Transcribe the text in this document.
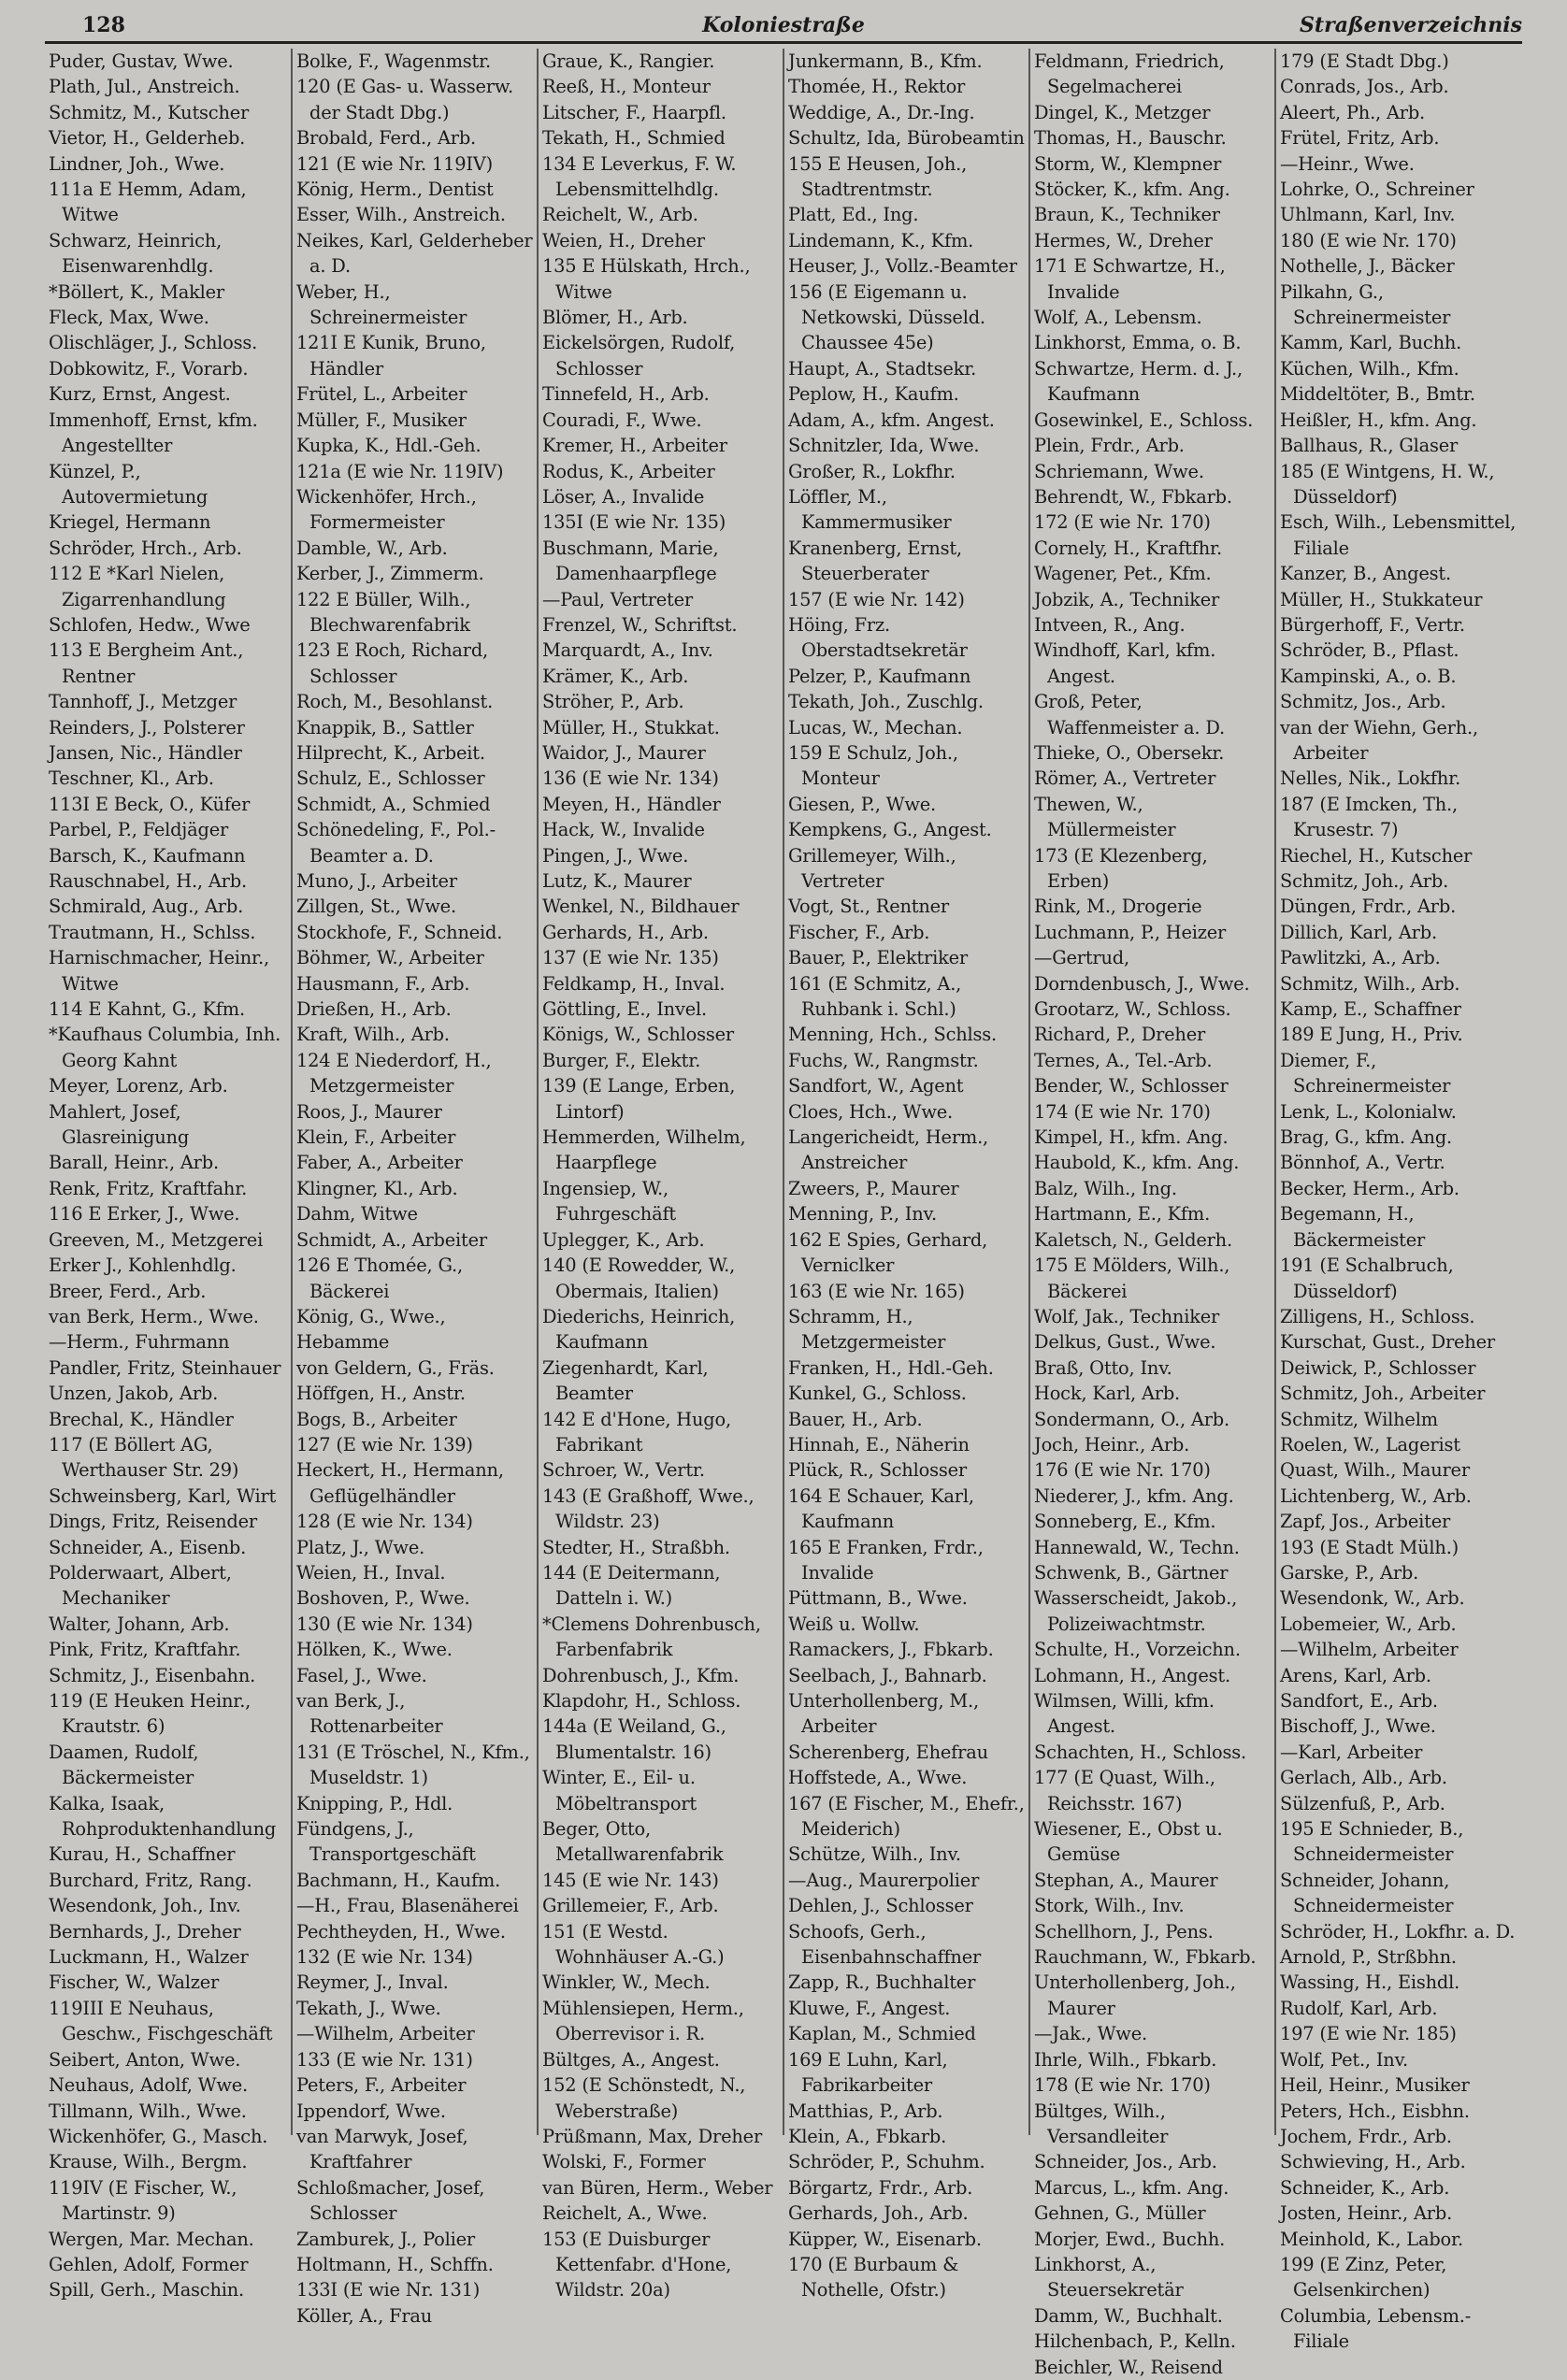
128	Koloniestraße	Straßenverzeichnis
Puder, Gustav, Wwe.
Plath, Jul., Anstreich.
Schmitz, M., Kutscher
Vietor, H., Gelderheb.
Lindner, Joh., Wwe.
111a E Hemm, Adam, Witwe
Schwarz, Heinrich, Eisenwarenhdlg.
*Böllert, K., Makler
Fleck, Max, Wwe.
Olischläger, J., Schloss.
Dobkowitz, F., Vorarb.
Kurz, Ernst, Angest.
Immenhoff, Ernst, kfm. Angestellter
Künzel, P., Autovermietung
Kriegel, Hermann
Schröder, Hrch., Arb.
112 E *Karl Nielen, Zigarrenhandlung
Schlofen, Hedw., Wwe
113 E Bergheim Ant., Rentner
Tannhoff, J., Metzger
Reinders, J., Polsterer
Jansen, Nic., Händler
Teschner, Kl., Arb.
113I E Beck, O., Küfer
Parbel, P., Feldjäger
Barsch, K., Kaufmann
Rauschnabel, H., Arb.
Schmirald, Aug., Arb.
Trautmann, H., Schlss.
Harnischmacher, Heinr., Witwe
114 E Kahnt, G., Kfm.
*Kaufhaus Columbia, Inh. Georg Kahnt
Meyer, Lorenz, Arb.
Mahlert, Josef, Glasreinigung
Barall, Heinr., Arb.
Renk, Fritz, Kraftfahr.
116 E Erker, J., Wwe.
Greeven, M., Metzgerei
Erker J., Kohlenhdlg.
Breer, Ferd., Arb.
van Berk, Herm., Wwe.
—Herm., Fuhrmann
Pandler, Fritz, Steinhauer
Unzen, Jakob, Arb.
Brechal, K., Händler
117 (E Böllert AG, Werthauser Str. 29)
Schweinsberg, Karl, Wirt
Dings, Fritz, Reisender
Schneider, A., Eisenb.
Polderwaart, Albert, Mechaniker
Walter, Johann, Arb.
Pink, Fritz, Kraftfahr.
Schmitz, J., Eisenbahn.
119 (E Heuken Heinr., Krautstr. 6)
Daamen, Rudolf, Bäckermeister
Kalka, Isaak, Rohproduktenhandlung
Kurau, H., Schaffner
Burchard, Fritz, Rang.
Wesendonk, Joh., Inv.
Bernhards, J., Dreher
Luckmann, H., Walzer
Fischer, W., Walzer
119III E Neuhaus, Geschw., Fischgeschäft
Seibert, Anton, Wwe.
Neuhaus, Adolf, Wwe.
Tillmann, Wilh., Wwe.
Wickenhöfer, G., Masch.
Krause, Wilh., Bergm.
119IV (E Fischer, W., Martinstr. 9)
Wergen, Mar. Mechan.
Gehlen, Adolf, Former
Spill, Gerh., Maschin.
Bolke, F., Wagenmstr.
120 (E Gas- u. Wasserw. der Stadt Dbg.)
Brobald, Ferd., Arb.
121 (E wie Nr. 119IV)
König, Herm., Dentist
Esser, Wilh., Anstreich.
Neikes, Karl, Gelderheber a. D.
Weber, H., Schreinermeister
121I E Kunik, Bruno, Händler
Frütel, L., Arbeiter
Müller, F., Musiker
Kupka, K., Hdl.-Geh.
121a (E wie Nr. 119IV)
Wickenhöfer, Hrch., Formermeister
Damble, W., Arb.
Kerber, J., Zimmerm.
122 E Büller, Wilh., Blechwarenfabrik
123 E Roch, Richard, Schlosser
Roch, M., Besohlanst.
Knappik, B., Sattler
Hilprecht, K., Arbeit.
Schulz, E., Schlosser
Schmidt, A., Schmied
Schönedeling, F., Pol.-Beamter a. D.
Muno, J., Arbeiter
Zillgen, St., Wwe.
Stockhofe, F., Schneid.
Böhmer, W., Arbeiter
Hausmann, F., Arb.
Drießen, H., Arb.
Kraft, Wilh., Arb.
124 E Niederdorf, H., Metzgermeister
Roos, J., Maurer
Klein, F., Arbeiter
Faber, A., Arbeiter
Klingner, Kl., Arb.
Dahm, Witwe
Schmidt, A., Arbeiter
126 E Thomée, G., Bäckerei
König, G., Wwe.,
Hebamme
von Geldern, G., Fräs.
Höffgen, H., Anstr.
Bogs, B., Arbeiter
127 (E wie Nr. 139)
Heckert, H., Hermann, Geflügelhändler
128 (E wie Nr. 134)
Platz, J., Wwe.
Weien, H., Inval.
Boshoven, P., Wwe.
130 (E wie Nr. 134)
Hölken, K., Wwe.
Fasel, J., Wwe.
van Berk, J., Rottenarbeiter
131 (E Tröschel, N., Kfm., Museldstr. 1)
Knipping, P., Hdl.
Fündgens, J., Transportgeschäft
Bachmann, H., Kaufm.
—H., Frau, Blasenäherei
Pechtheyden, H., Wwe.
132 (E wie Nr. 134)
Reymer, J., Inval.
Tekath, J., Wwe.
—Wilhelm, Arbeiter
133 (E wie Nr. 131)
Peters, F., Arbeiter
Ippendorf, Wwe.
van Marwyk, Josef, Kraftfahrer
Schloßmacher, Josef, Schlosser
Zamburek, J., Polier
Holtmann, H., Schffn.
133I (E wie Nr. 131)
Köller, A., Frau
Graue, K., Rangier.
Reeß, H., Monteur
Litscher, F., Haarpfl.
Tekath, H., Schmied
134 E Leverkus, F. W. Lebensmittelhdlg.
Reichelt, W., Arb.
Weien, H., Dreher
135 E Hülskath, Hrch., Witwe
Blömer, H., Arb.
Eickelsörgen, Rudolf, Schlosser
Tinnefeld, H., Arb.
Couradi, F., Wwe.
Kremer, H., Arbeiter
Rodus, K., Arbeiter
Löser, A., Invalide
135I (E wie Nr. 135)
Buschmann, Marie, Damenhaarpflege
—Paul, Vertreter
Frenzel, W., Schriftst.
Marquardt, A., Inv.
Krämer, K., Arb.
Ströher, P., Arb.
Müller, H., Stukkat.
Waidor, J., Maurer
136 (E wie Nr. 134)
Meyen, H., Händler
Hack, W., Invalide
Pingen, J., Wwe.
Lutz, K., Maurer
Wenkel, N., Bildhauer
Gerhards, H., Arb.
137 (E wie Nr. 135)
Feldkamp, H., Inval.
Göttling, E., Invel.
Königs, W., Schlosser
Burger, F., Elektr.
139 (E Lange, Erben, Lintorf)
Hemmerden, Wilhelm, Haarpflege
Ingensiep, W., Fuhrgeschäft
Uplegger, K., Arb.
140 (E Rowedder, W., Obermais, Italien)
Diederichs, Heinrich, Kaufmann
Ziegenhardt, Karl, Beamter
142 E d'Hone, Hugo, Fabrikant
Schroer, W., Vertr.
143 (E Graßhoff, Wwe., Wildstr. 23)
Stedter, H., Straßbh.
144 (E Deitermann, Datteln i. W.)
*Clemens Dohrenbusch, Farbenfabrik
Dohrenbusch, J., Kfm.
Klapdohr, H., Schloss.
144a (E Weiland, G., Blumentalstr. 16)
Winter, E., Eil- u. Möbeltransport
Beger, Otto, Metallwarenfabrik
145 (E wie Nr. 143)
Grillemeier, F., Arb.
151 (E Westd. Wohnhäuser A.-G.)
Winkler, W., Mech.
Mühlensiepen, Herm., Oberrevisor i. R.
Bültges, A., Angest.
152 (E Schönstedt, N., Weberstraße)
Prüßmann, Max, Dreher
Wolski, F., Former
van Büren, Herm., Weber
Reichelt, A., Wwe.
153 (E Duisburger Kettenfabr. d'Hone, Wildstr. 20a)
Junkermann, B., Kfm.
Thomée, H., Rektor
Weddige, A., Dr.-Ing.
Schultz, Ida, Bürobeamtin
155 E Heusen, Joh., Stadtrentmstr.
Platt, Ed., Ing.
Lindemann, K., Kfm.
Heuser, J., Vollz.-Beamter
156 (E Eigemann u. Netkowski, Düsseld. Chaussee 45e)
Haupt, A., Stadtsekr.
Peplow, H., Kaufm.
Adam, A., kfm. Angest.
Schnitzler, Ida, Wwe.
Großer, R., Lokfhr.
Löffler, M., Kammermusiker
Kranenberg, Ernst, Steuerberater
157 (E wie Nr. 142)
Höing, Frz. Oberstadtsekretär
Pelzer, P., Kaufmann
Tekath, Joh., Zuschlg.
Lucas, W., Mechan.
159 E Schulz, Joh., Monteur
Giesen, P., Wwe.
Kempkens, G., Angest.
Grillemeyer, Wilh., Vertreter
Vogt, St., Rentner
Fischer, F., Arb.
Bauer, P., Elektriker
161 (E Schmitz, A., Ruhbank i. Schl.)
Menning, Hch., Schlss.
Fuchs, W., Rangmstr.
Sandfort, W., Agent
Cloes, Hch., Wwe.
Langericheidt, Herm., Anstreicher
Zweers, P., Maurer
Menning, P., Inv.
162 E Spies, Gerhard, Verniclker
163 (E wie Nr. 165)
Schramm, H., Metzgermeister
Franken, H., Hdl.-Geh.
Kunkel, G., Schloss.
Bauer, H., Arb.
Hinnah, E., Näherin
Plück, R., Schlosser
164 E Schauer, Karl, Kaufmann
165 E Franken, Frdr., Invalide
Püttmann, B., Wwe.
Weiß u. Wollw.
Ramackers, J., Fbkarb.
Seelbach, J., Bahnarb.
Unterhollenberg, M., Arbeiter
Scherenberg, Ehefrau
Hoffstede, A., Wwe.
167 (E Fischer, M., Ehefr., Meiderich)
Schütze, Wilh., Inv.
—Aug., Maurerpolier
Dehlen, J., Schlosser
Schoofs, Gerh., Eisenbahnschaffner
Zapp, R., Buchhalter
Kluwe, F., Angest.
Kaplan, M., Schmied
169 E Luhn, Karl, Fabrikarbeiter
Matthias, P., Arb.
Klein, A., Fbkarb.
Schröder, P., Schuhm.
Börgartz, Frdr., Arb.
Gerhards, Joh., Arb.
Küpper, W., Eisenarb.
170 (E Burbaum & Nothelle, Ofstr.)
Feldmann, Friedrich, Segelmacherei
Dingel, K., Metzger
Thomas, H., Bauschr.
Storm, W., Klempner
Stöcker, K., kfm. Ang.
Braun, K., Techniker
Hermes, W., Dreher
171 E Schwartze, H., Invalide
Wolf, A., Lebensm.
Linkhorst, Emma, o. B.
Schwartze, Herm. d. J., Kaufmann
Gosewinkel, E., Schloss.
Plein, Frdr., Arb.
Schriemann, Wwe.
Behrendt, W., Fbkarb.
172 (E wie Nr. 170)
Cornely, H., Kraftfhr.
Wagener, Pet., Kfm.
Jobzik, A., Techniker
Intveen, R., Ang.
Windhoff, Karl, kfm. Angest.
Groß, Peter, Waffenmeister a. D.
Thieke, O., Obersekr.
Römer, A., Vertreter
Thewen, W., Müllermeister
173 (E Klezenberg, Erben)
Rink, M., Drogerie
Luchmann, P., Heizer
—Gertrud,
Dorndenbusch, J., Wwe.
Grootarz, W., Schloss.
Richard, P., Dreher
Ternes, A., Tel.-Arb.
Bender, W., Schlosser
174 (E wie Nr. 170)
Kimpel, H., kfm. Ang.
Haubold, K., kfm. Ang.
Balz, Wilh., Ing.
Hartmann, E., Kfm.
Kaletsch, N., Gelderh.
175 E Mölders, Wilh., Bäckerei
Wolf, Jak., Techniker
Delkus, Gust., Wwe.
Braß, Otto, Inv.
Hock, Karl, Arb.
Sondermann, O., Arb.
Joch, Heinr., Arb.
176 (E wie Nr. 170)
Niederer, J., kfm. Ang.
Sonneberg, E., Kfm.
Hannewald, W., Techn.
Schwenk, B., Gärtner
Wasserscheidt, Jakob., Polizeiwachtmstr.
Schulte, H., Vorzeichn.
Lohmann, H., Angest.
Wilmsen, Willi, kfm. Angest.
Schachten, H., Schloss.
177 (E Quast, Wilh., Reichsstr. 167)
Wiesener, E., Obst u. Gemüse
Stephan, A., Maurer
Stork, Wilh., Inv.
Schellhorn, J., Pens.
Rauchmann, W., Fbkarb.
Unterhollenberg, Joh., Maurer
—Jak., Wwe.
Ihrle, Wilh., Fbkarb.
178 (E wie Nr. 170)
Bültges, Wilh., Versandleiter
Schneider, Jos., Arb.
Marcus, L., kfm. Ang.
Gehnen, G., Müller
Morjer, Ewd., Buchh.
Linkhorst, A., Steuersekretär
Damm, W., Buchhalt.
Hilchenbach, P., Kelln.
Beichler, W., Reisend
179 (E Stadt Dbg.)
Conrads, Jos., Arb.
Aleert, Ph., Arb.
Frütel, Fritz, Arb.
—Heinr., Wwe.
Lohrke, O., Schreiner
Uhlmann, Karl, Inv.
180 (E wie Nr. 170)
Nothelle, J., Bäcker
Pilkahn, G., Schreinermeister
Kamm, Karl, Buchh.
Küchen, Wilh., Kfm.
Middeltöter, B., Bmtr.
Heißler, H., kfm. Ang.
Ballhaus, R., Glaser
185 (E Wintgens, H. W., Düsseldorf)
Esch, Wilh., Lebensmittel, Filiale
Kanzer, B., Angest.
Müller, H., Stukkateur
Bürgerhoff, F., Vertr.
Schröder, B., Pflast.
Kampinski, A., o. B.
Schmitz, Jos., Arb.
van der Wiehn, Gerh., Arbeiter
Nelles, Nik., Lokfhr.
187 (E Imcken, Th., Krusestr. 7)
Riechel, H., Kutscher
Schmitz, Joh., Arb.
Düngen, Frdr., Arb.
Dillich, Karl, Arb.
Pawlitzki, A., Arb.
Schmitz, Wilh., Arb.
Kamp, E., Schaffner
189 E Jung, H., Priv.
Diemer, F., Schreinermeister
Lenk, L., Kolonialw.
Brag, G., kfm. Ang.
Bönnhof, A., Vertr.
Becker, Herm., Arb.
Begemann, H., Bäckermeister
191 (E Schalbruch, Düsseldorf)
Zilligens, H., Schloss.
Kurschat, Gust., Dreher
Deiwick, P., Schlosser
Schmitz, Joh., Arbeiter
Schmitz, Wilhelm
Roelen, W., Lagerist
Quast, Wilh., Maurer
Lichtenberg, W., Arb.
Zapf, Jos., Arbeiter
193 (E Stadt Mülh.)
Garske, P., Arb.
Wesendonk, W., Arb.
Lobemeier, W., Arb.
—Wilhelm, Arbeiter
Arens, Karl, Arb.
Sandfort, E., Arb.
Bischoff, J., Wwe.
—Karl, Arbeiter
Gerlach, Alb., Arb.
Sülzenfuß, P., Arb.
195 E Schnieder, B., Schneidermeister
Schneider, Johann, Schneidermeister
Schröder, H., Lokfhr. a. D.
Arnold, P., Strßbhn.
Wassing, H., Eishdl.
Rudolf, Karl, Arb.
197 (E wie Nr. 185)
Wolf, Pet., Inv.
Heil, Heinr., Musiker
Peters, Hch., Eisbhn.
Jochem, Frdr., Arb.
Schwieving, H., Arb.
Schneider, K., Arb.
Josten, Heinr., Arb.
Meinhold, K., Labor.
199 (E Zinz, Peter, Gelsenkirchen)
Columbia, Lebensm.-Filiale
